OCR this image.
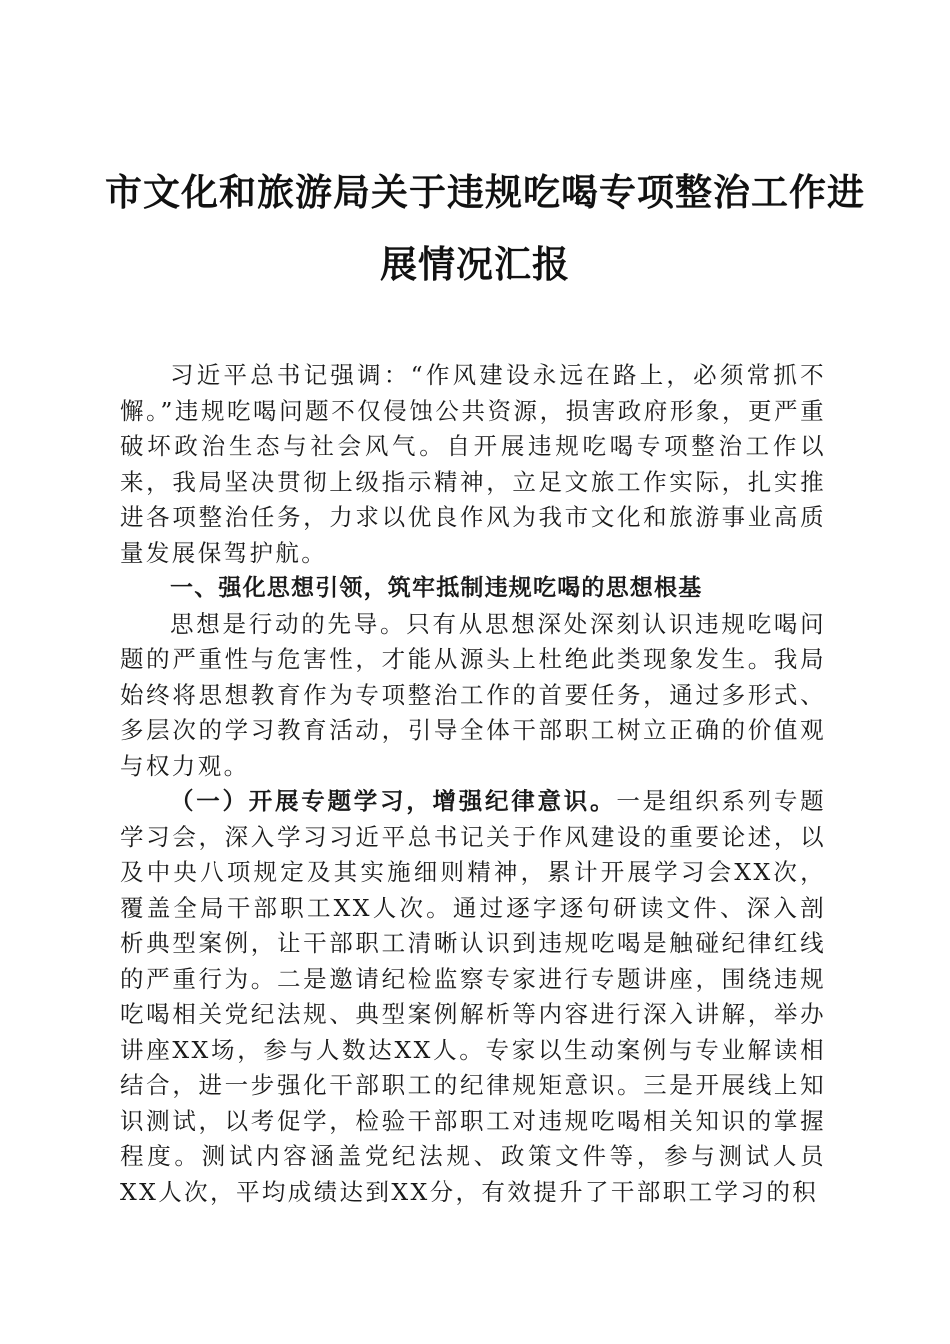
市文化和旅游局关于违规吃喝专项整治工作进
展情况汇报

习近平总书记强调：“作风建设永远在路上，必须常抓不懈。”违规吃喝问题不仅侵蚀公共资源，损害政府形象，更严重破坏政治生态与社会风气。自开展违规吃喝专项整治工作以来，我局坚决贯彻上级指示精神，立足文旅工作实际，扎实推进各项整治任务，力求以优良作风为我市文化和旅游事业高质量发展保驾护航。

一、强化思想引领，筑牢抵制违规吃喝的思想根基

思想是行动的先导。只有从思想深处深刻认识违规吃喝问题的严重性与危害性，才能从源头上杜绝此类现象发生。我局始终将思想教育作为专项整治工作的首要任务，通过多形式、多层次的学习教育活动，引导全体干部职工树立正确的价值观与权力观。

（一）开展专题学习，增强纪律意识。一是组织系列专题学习会，深入学习习近平总书记关于作风建设的重要论述，以及中央八项规定及其实施细则精神，累计开展学习会XX次，覆盖全局干部职工XX人次。通过逐字逐句研读文件、深入剖析典型案例，让干部职工清晰认识到违规吃喝是触碰纪律红线的严重行为。二是邀请纪检监察专家进行专题讲座，围绕违规吃喝相关党纪法规、典型案例解析等内容进行深入讲解，举办讲座XX场，参与人数达XX人。专家以生动案例与专业解读相结合，进一步强化干部职工的纪律规矩意识。三是开展线上知识测试，以考促学，检验干部职工对违规吃喝相关知识的掌握程度。测试内容涵盖党纪法规、政策文件等，参与测试人员XX人次，平均成绩达到XX分，有效提升了干部职工学习的积
